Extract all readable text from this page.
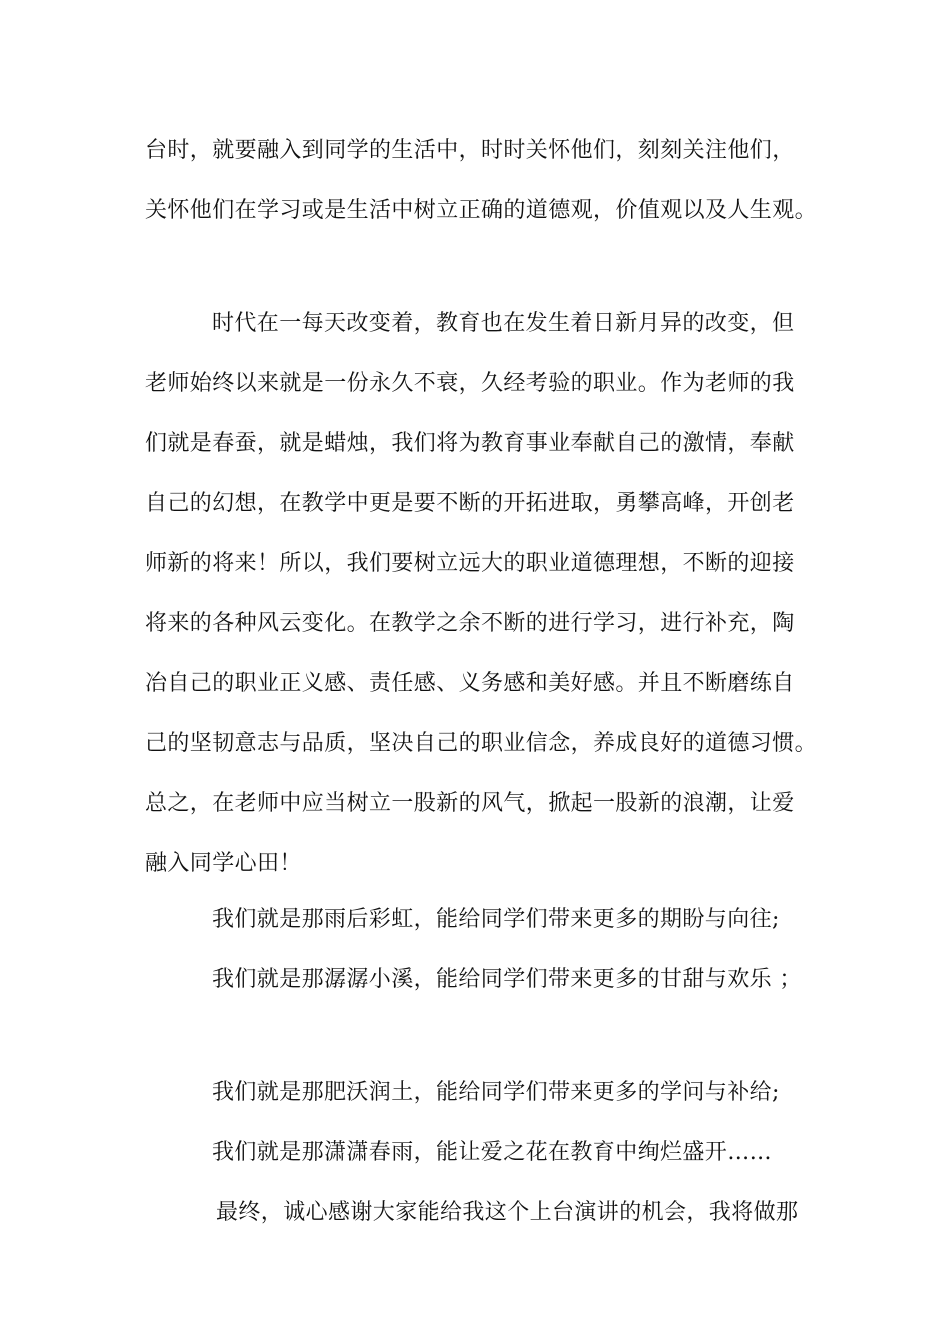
台时，就要融入到同学的生活中，时时关怀他们，刻刻关注他们，
关怀他们在学习或是生活中树立正确的道德观，价值观以及人生观。
时代在一每天改变着，教育也在发生着日新月异的改变，但
老师始终以来就是一份永久不衰，久经考验的职业。作为老师的我
们就是春蚕，就是蜡烛，我们将为教育事业奉献自己的激情，奉献
自己的幻想，在教学中更是要不断的开拓进取，勇攀高峰，开创老
师新的将来！所以，我们要树立远大的职业道德理想，不断的迎接
将来的各种风云变化。在教学之余不断的进行学习，进行补充，陶
冶自己的职业正义感、责任感、义务感和美好感。并且不断磨练自
己的坚韧意志与品质，坚决自己的职业信念，养成良好的道德习惯。
总之，在老师中应当树立一股新的风气，掀起一股新的浪潮，让爱
融入同学心田！
我们就是那雨后彩虹，能给同学们带来更多的期盼与向往;
我们就是那潺潺小溪，能给同学们带来更多的甘甜与欢乐 ；
我们就是那肥沃润土，能给同学们带来更多的学问与补给;
我们就是那潇潇春雨，能让爱之花在教育中绚烂盛开……
最终，诚心感谢大家能给我这个上台演讲的机会，我将做那
